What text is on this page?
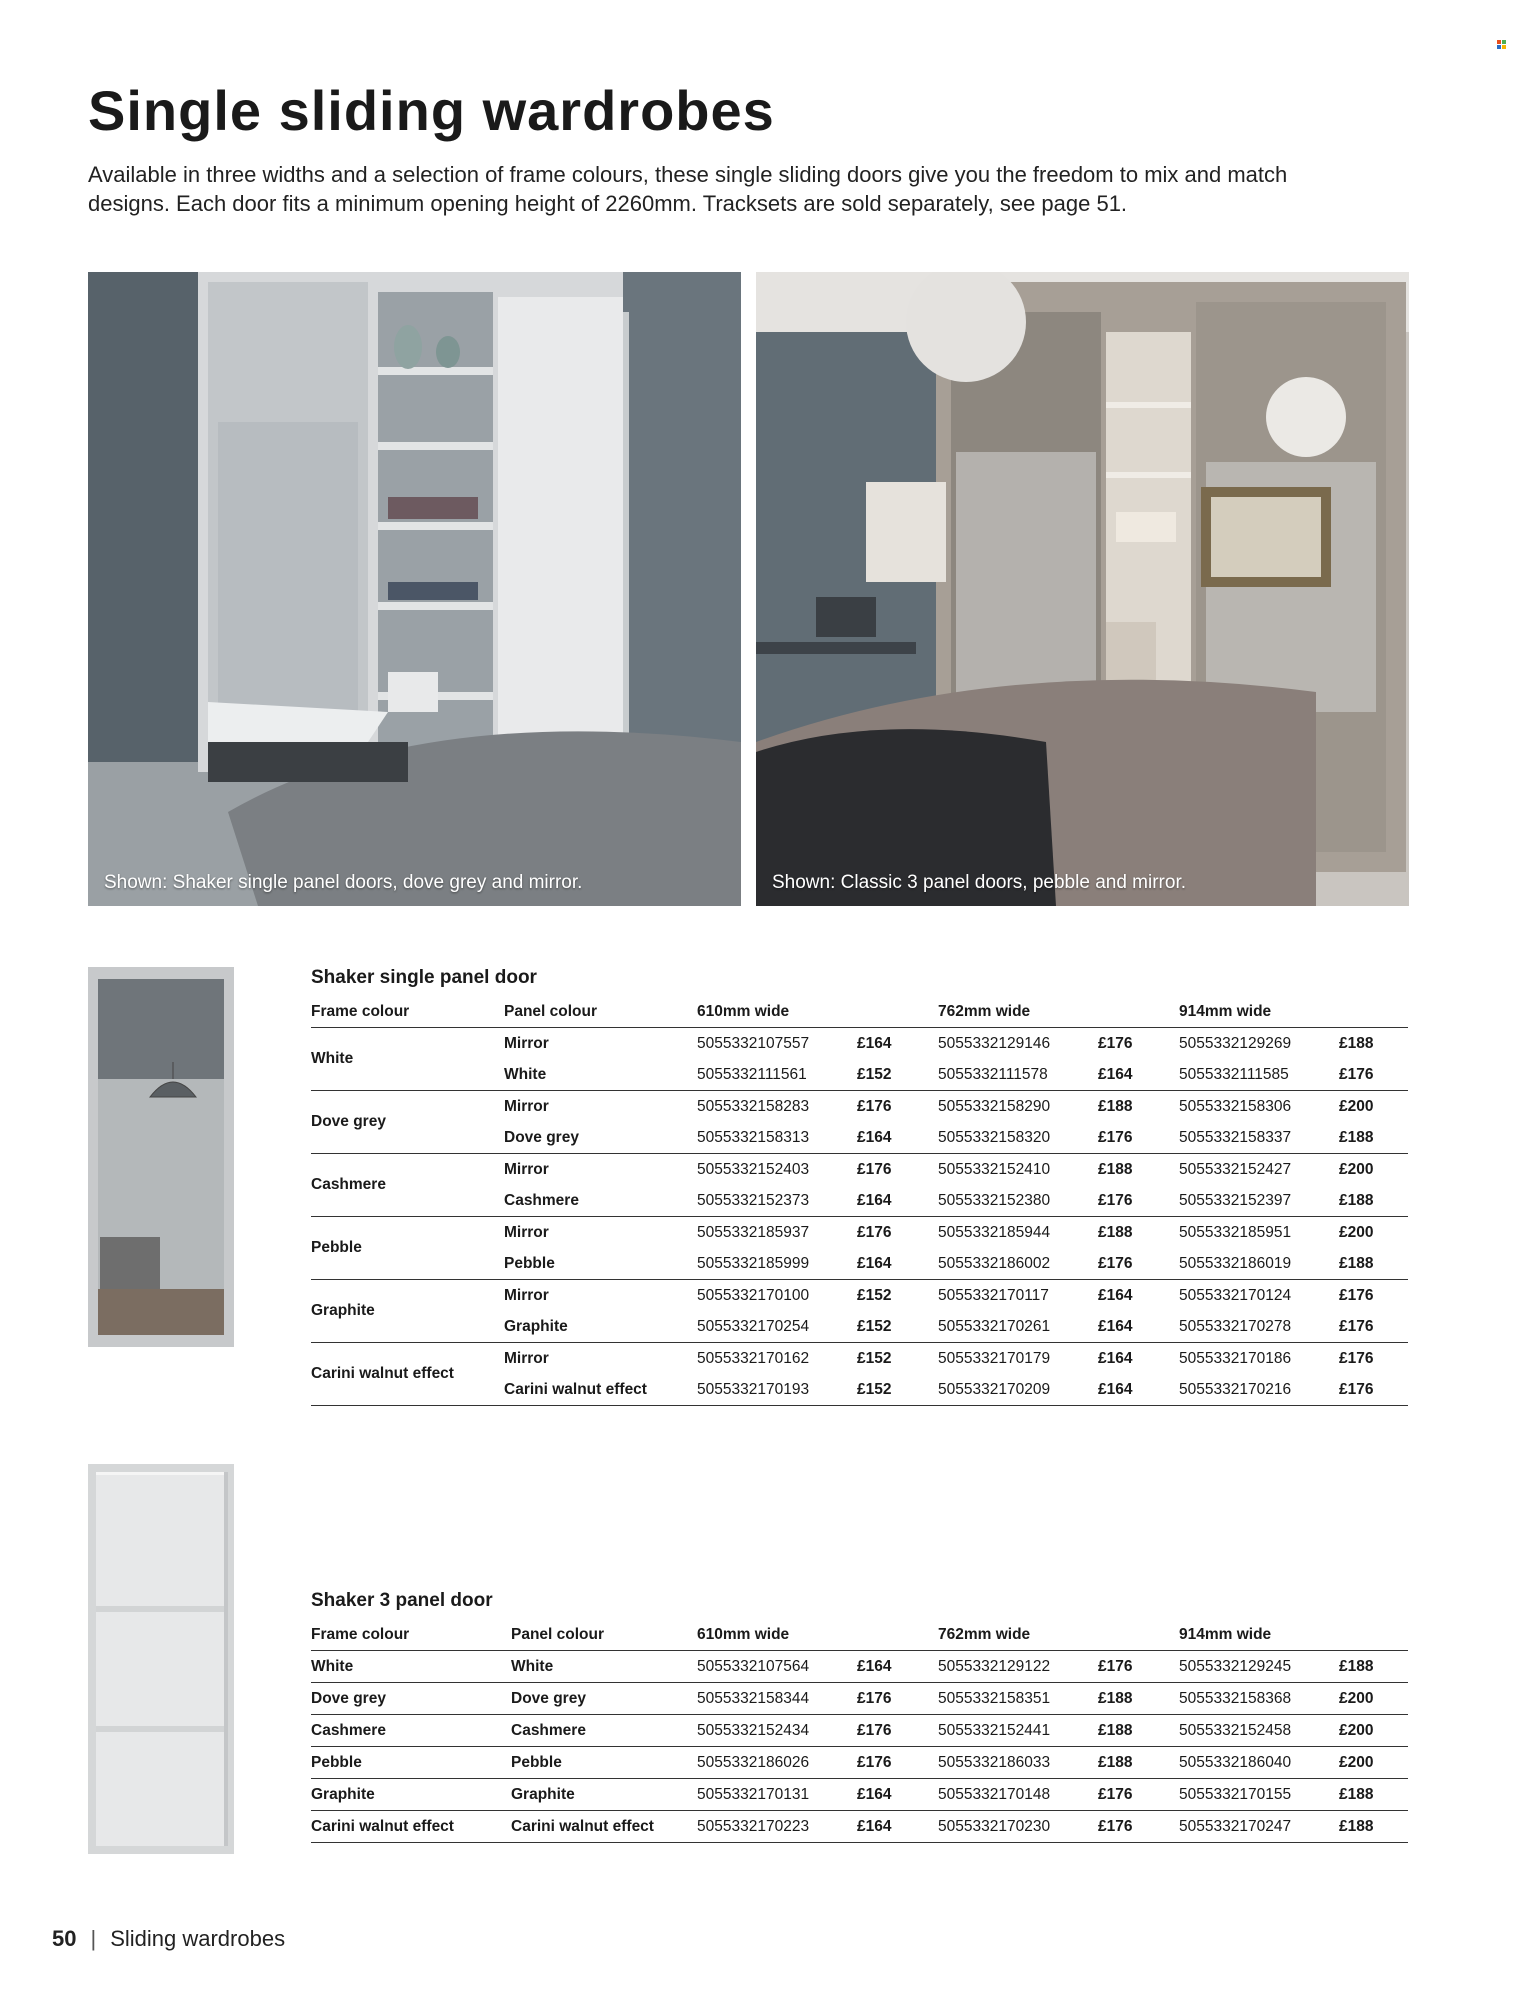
Single sliding wardrobes

Available in three widths and a selection of frame colours, these single sliding doors give you the freedom to mix and match designs. Each door fits a minimum opening height of 2260mm. Tracksets are sold separately, see page 51.

Shown: Shaker single panel doors, dove grey and mirror.	Shown: Classic 3 panel doors, pebble and mirror.
Shaker single panel door
Frame colour	Panel colour	610mm wide		762mm wide		914mm wide	
White	Mirror	5055332107557	£164	5055332129146	£176	5055332129269	£188
	White	5055332111561	£152	5055332111578	£164	5055332111585	£176
Dove grey	Mirror	5055332158283	£176	5055332158290	£188	5055332158306	£200
	Dove grey	5055332158313	£164	5055332158320	£176	5055332158337	£188
Cashmere	Mirror	5055332152403	£176	5055332152410	£188	5055332152427	£200
	Cashmere	5055332152373	£164	5055332152380	£176	5055332152397	£188
Pebble	Mirror	5055332185937	£176	5055332185944	£188	5055332185951	£200
	Pebble	5055332185999	£164	5055332186002	£176	5055332186019	£188
Graphite	Mirror	5055332170100	£152	5055332170117	£164	5055332170124	£176
	Graphite	5055332170254	£152	5055332170261	£164	5055332170278	£176
Carini walnut effect	Mirror	5055332170162	£152	5055332170179	£164	5055332170186	£176
	Carini walnut effect	5055332170193	£152	5055332170209	£164	5055332170216	£176
Shaker 3 panel door
Frame colour	Panel colour	610mm wide		762mm wide		914mm wide	
White	White	5055332107564	£164	5055332129122	£176	5055332129245	£188
Dove grey	Dove grey	5055332158344	£176	5055332158351	£188	5055332158368	£200
Cashmere	Cashmere	5055332152434	£176	5055332152441	£188	5055332152458	£200
Pebble	Pebble	5055332186026	£176	5055332186033	£188	5055332186040	£200
Graphite	Graphite	5055332170131	£164	5055332170148	£176	5055332170155	£188
Carini walnut effect	Carini walnut effect	5055332170223	£164	5055332170230	£176	5055332170247	£188
50 | Sliding wardrobes
